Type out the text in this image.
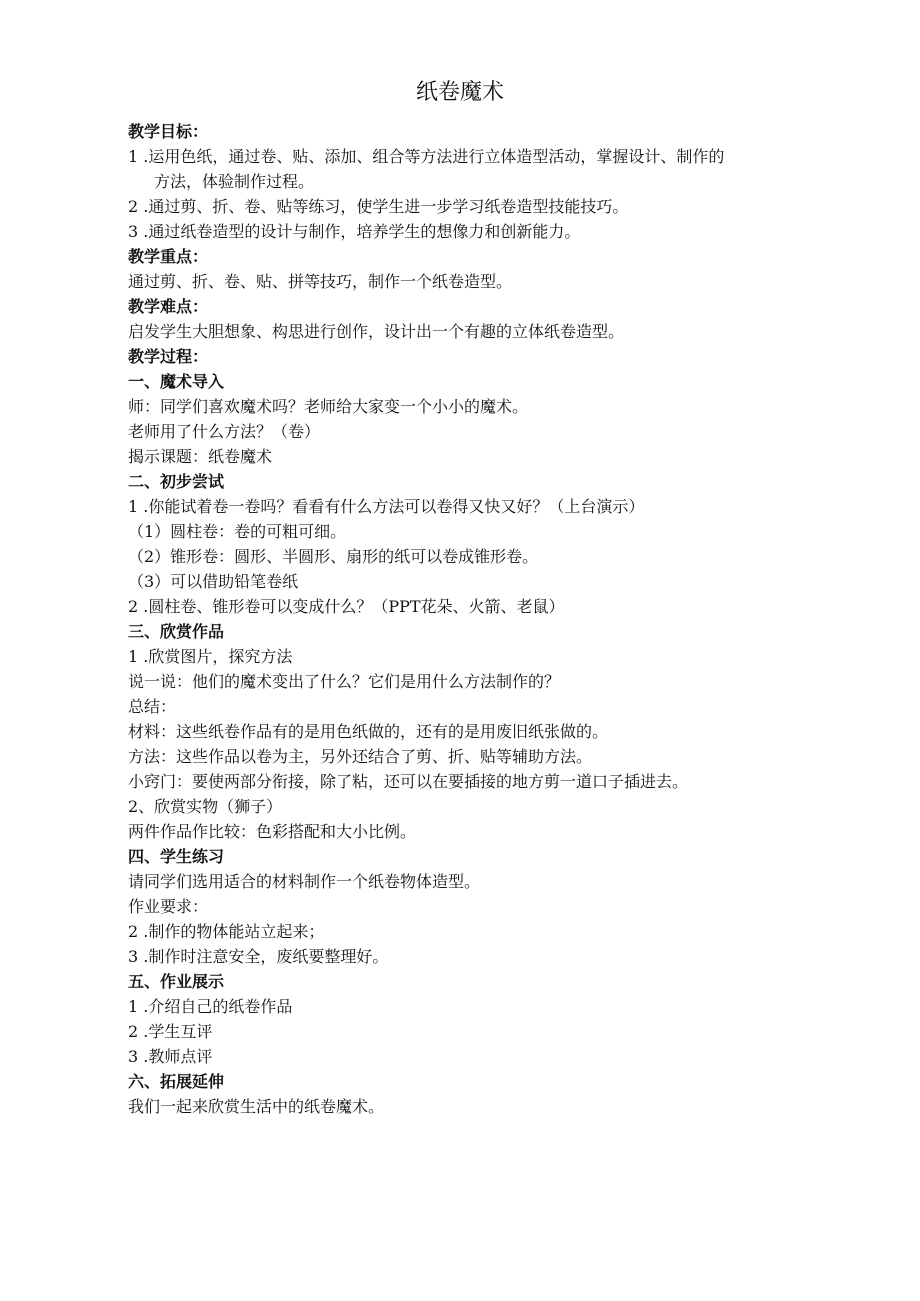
纸卷魔术

教学目标：

1 .运用色纸，通过卷、贴、添加、组合等方法进行立体造型活动，掌握设计、制作的

方法，体验制作过程。

2 .通过剪、折、卷、贴等练习，使学生进一步学习纸卷造型技能技巧。

3 .通过纸卷造型的设计与制作，培养学生的想像力和创新能力。

教学重点：

通过剪、折、卷、贴、拼等技巧，制作一个纸卷造型。

教学难点：

启发学生大胆想象、构思进行创作，设计出一个有趣的立体纸卷造型。

教学过程：

一、魔术导入

师：同学们喜欢魔术吗？老师给大家变一个小小的魔术。

老师用了什么方法？（卷）

揭示课题：纸卷魔术

二、初步尝试

1 .你能试着卷一卷吗？看看有什么方法可以卷得又快又好？（上台演示）

（1）圆柱卷：卷的可粗可细。

（2）锥形卷：圆形、半圆形、扇形的纸可以卷成锥形卷。

（3）可以借助铅笔卷纸

2 .圆柱卷、锥形卷可以变成什么？（PPT花朵、火箭、老鼠）

三、欣赏作品

1 .欣赏图片，探究方法

说一说：他们的魔术变出了什么？它们是用什么方法制作的？

总结：

材料：这些纸卷作品有的是用色纸做的，还有的是用废旧纸张做的。

方法：这些作品以卷为主，另外还结合了剪、折、贴等辅助方法。

小窍门：要使两部分衔接，除了粘，还可以在要插接的地方剪一道口子插进去。

2、欣赏实物（狮子）

两件作品作比较：色彩搭配和大小比例。

四、学生练习

请同学们选用适合的材料制作一个纸卷物体造型。

作业要求：

2 .制作的物体能站立起来；

3 .制作时注意安全，废纸要整理好。

五、作业展示

1 .介绍自己的纸卷作品

2 .学生互评

3 .教师点评

六、拓展延伸

我们一起来欣赏生活中的纸卷魔术。
